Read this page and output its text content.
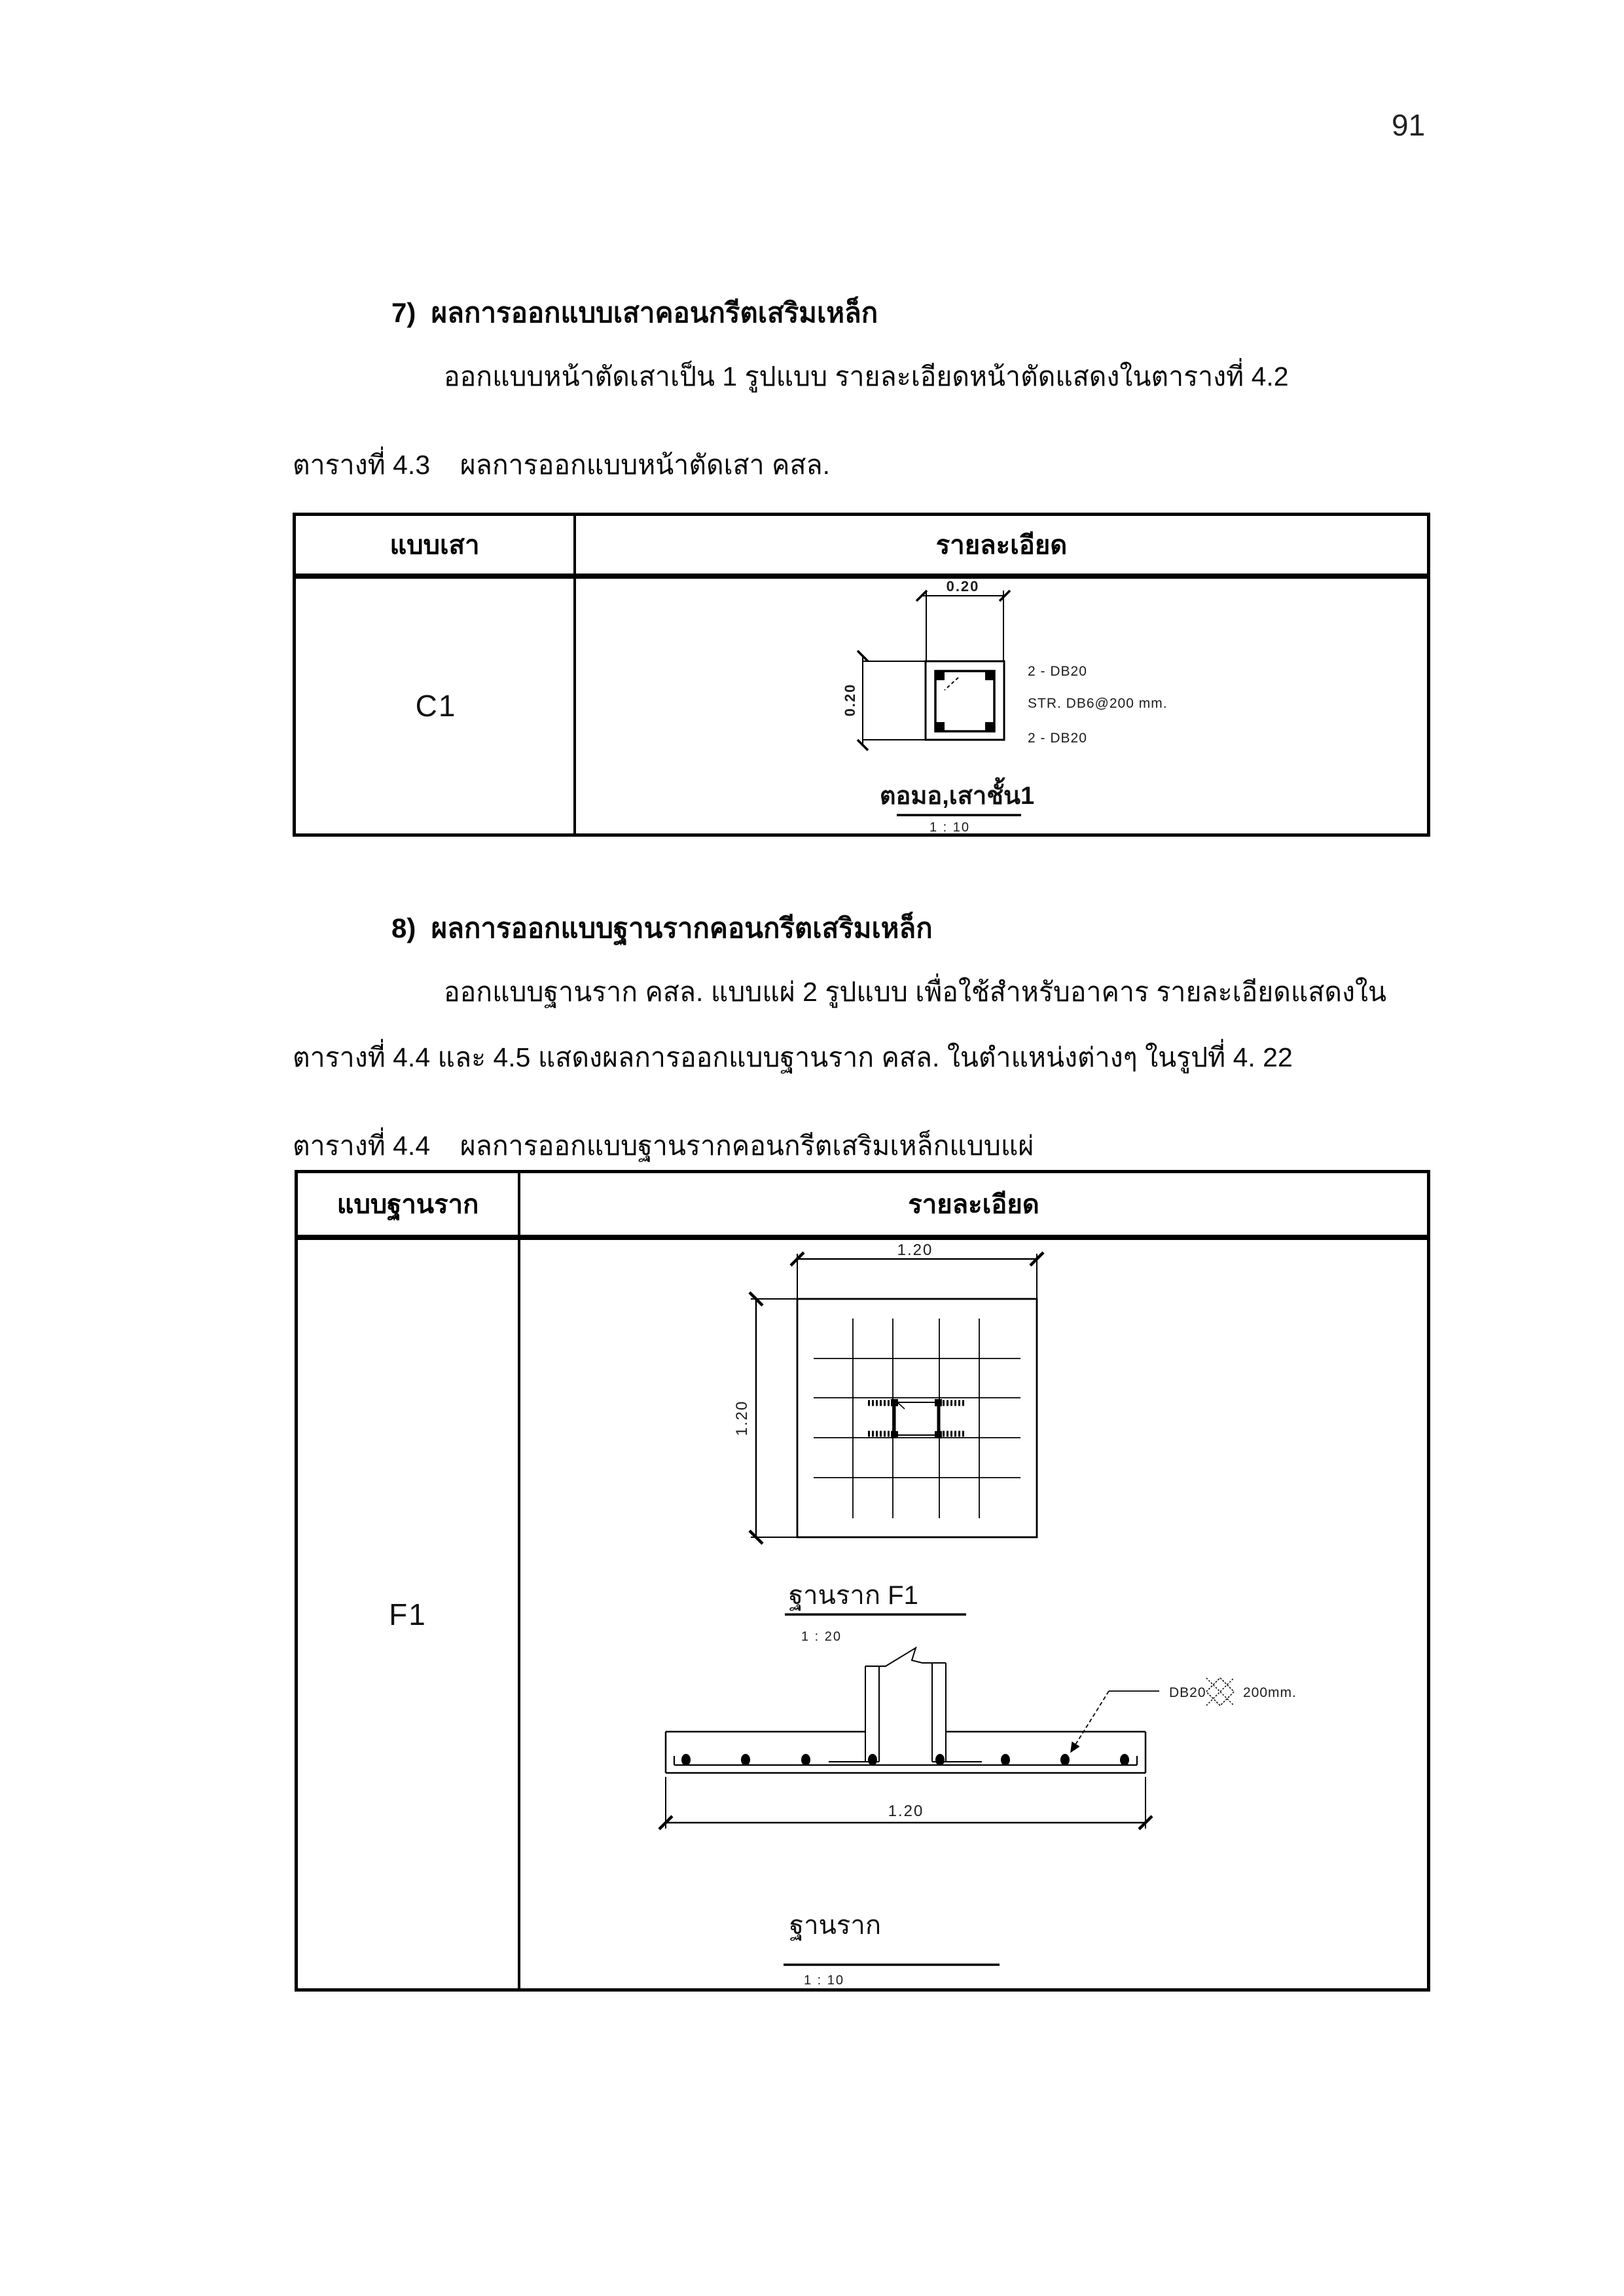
91
7)  ผลการออกแบบเสาคอนกรีตเสริมเหล็ก
ออกแบบหน้าตัดเสาเป็น 1 รูปแบบ รายละเอียดหน้าตัดแสดงในตารางที่ 4.2
ตารางที่ 4.3    ผลการออกแบบหน้าตัดเสา คสล.
แบบเสา	รายละเอียด
C1
8)  ผลการออกแบบฐานรากคอนกรีตเสริมเหล็ก
ออกแบบฐานราก คสล. แบบแผ่ 2 รูปแบบ เพื่อใช้สำหรับอาคาร รายละเอียดแสดงใน
ตารางที่ 4.4 และ 4.5 แสดงผลการออกแบบฐานราก คสล. ในตำแหน่งต่างๆ ในรูปที่ 4. 22
ตารางที่ 4.4    ผลการออกแบบฐานรากคอนกรีตเสริมเหล็กแบบแผ่
แบบฐานราก	รายละเอียด
F1
ตอมอ,เสาชั้น1
ฐานราก F1
ฐานราก
0.20
0.20
2 - DB20
STR. DB6@200 mm.
2 - DB20
1 : 10
1.20
1.20
1 : 20
DB20	200mm.
1.20
1 : 10
